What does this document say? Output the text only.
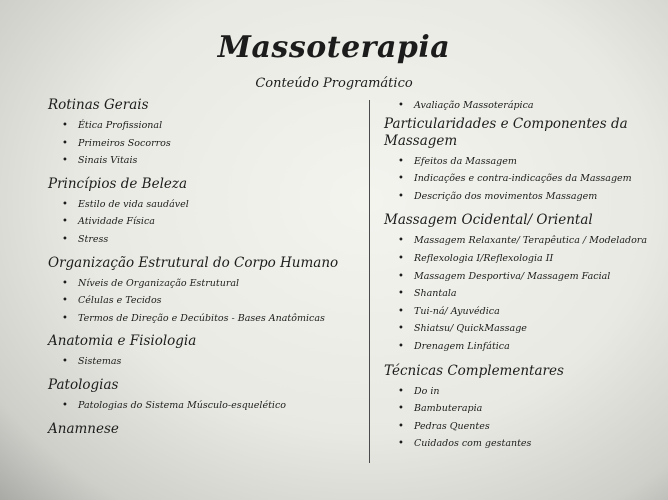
Massoterapia

Conteúdo Programático

Rotinas Gerais
• Ética Profissional
• Primeiros Socorros
• Sinais Vitais
Princípios de Beleza
• Estilo de vida saudável
• Atividade Física
• Stress
Organização Estrutural do Corpo Humano
• Níveis de Organização Estrutural
• Células e Tecidos
• Termos de Direção e Decúbitos - Bases Anatômicas
Anatomia e Fisiologia
• Sistemas
Patologias
• Patologias do Sistema Músculo-esquelético
Anamnese
• Avaliação Massoterápica
Particularidades e Componentes da Massagem
• Efeitos da Massagem
• Indicações e contra-indicações da Massagem
• Descrição dos movimentos Massagem
Massagem Ocidental/ Oriental
• Massagem Relaxante/ Terapêutica / Modeladora
• Reflexologia I/Reflexologia II
• Massagem Desportiva/ Massagem Facial
• Shantala
• Tui-ná/ Ayuvédica
• Shiatsu/ QuickMassage
• Drenagem Linfática
Técnicas Complementares
• Do in
• Bambuterapia
• Pedras Quentes
• Cuidados com gestantes
